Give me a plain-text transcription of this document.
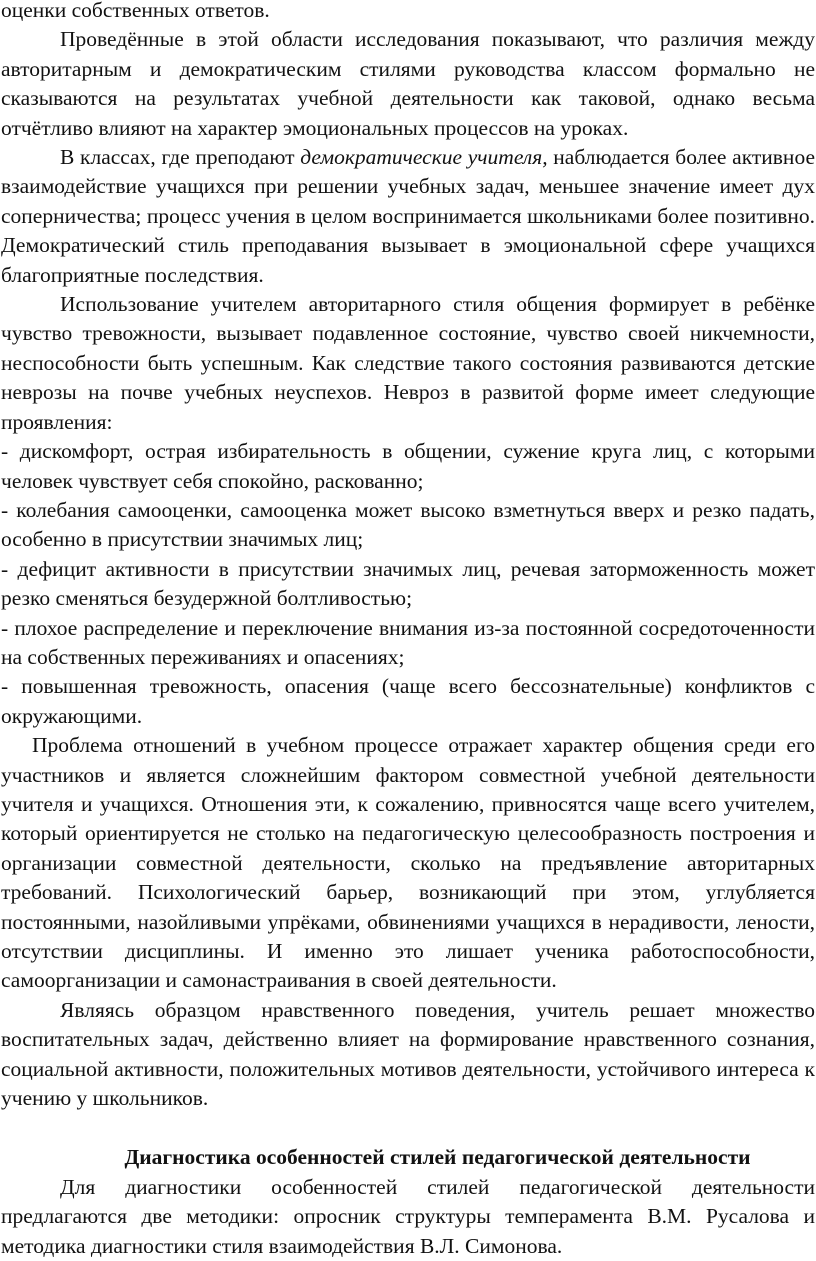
оценки собственных ответов.

Проведённые в этой области исследования показывают, что различия между авторитарным и демократическим стилями руководства классом формально не сказываются на результатах учебной деятельности как таковой, однако весьма отчётливо влияют на характер эмоциональных процессов на уроках.

В классах, где преподают демократические учителя, наблюдается более активное взаимодействие учащихся при решении учебных задач, меньшее значение имеет дух соперничества; процесс учения в целом воспринимается школьниками более позитивно. Демократический стиль преподавания вызывает в эмоциональной сфере учащихся благоприятные последствия.

Использование учителем авторитарного стиля общения формирует в ребёнке чувство тревожности, вызывает подавленное состояние, чувство своей никчемности, неспособности быть успешным. Как следствие такого состояния развиваются детские неврозы на почве учебных неуспехов. Невроз в развитой форме имеет следующие проявления:

- дискомфорт, острая избирательность в общении, сужение круга лиц, с которыми человек чувствует себя спокойно, раскованно;

- колебания самооценки, самооценка может высоко взметнуться вверх и резко падать, особенно в присутствии значимых лиц;

- дефицит активности в присутствии значимых лиц, речевая заторможенность может резко сменяться безудержной болтливостью;

- плохое распределение и переключение внимания из-за постоянной сосредоточенности на собственных переживаниях и опасениях;

- повышенная тревожность, опасения (чаще всего бессознательные) конфликтов с окружающими.

Проблема отношений в учебном процессе отражает характер общения среди его участников и является сложнейшим фактором совместной учебной деятельности учителя и учащихся. Отношения эти, к сожалению, привносятся чаще всего учителем, который ориентируется не столько на педагогическую целесообразность построения и организации совместной деятельности, сколько на предъявление авторитарных требований. Психологический барьер, возникающий при этом, углубляется постоянными, назойливыми упрёками, обвинениями учащихся в нерадивости, лености, отсутствии дисциплины. И именно это лишает ученика работоспособности, самоорганизации и самонастраивания в своей деятельности.

Являясь образцом нравственного поведения, учитель решает множество воспитательных задач, действенно влияет на формирование нравственного сознания, социальной активности, положительных мотивов деятельности, устойчивого интереса к учению у школьников.

Диагностика особенностей стилей педагогической деятельности

Для диагностики особенностей стилей педагогической деятельности предлагаются две методики: опросник структуры темперамента В.М. Русалова и методика диагностики стиля взаимодействия В.Л. Симонова.
